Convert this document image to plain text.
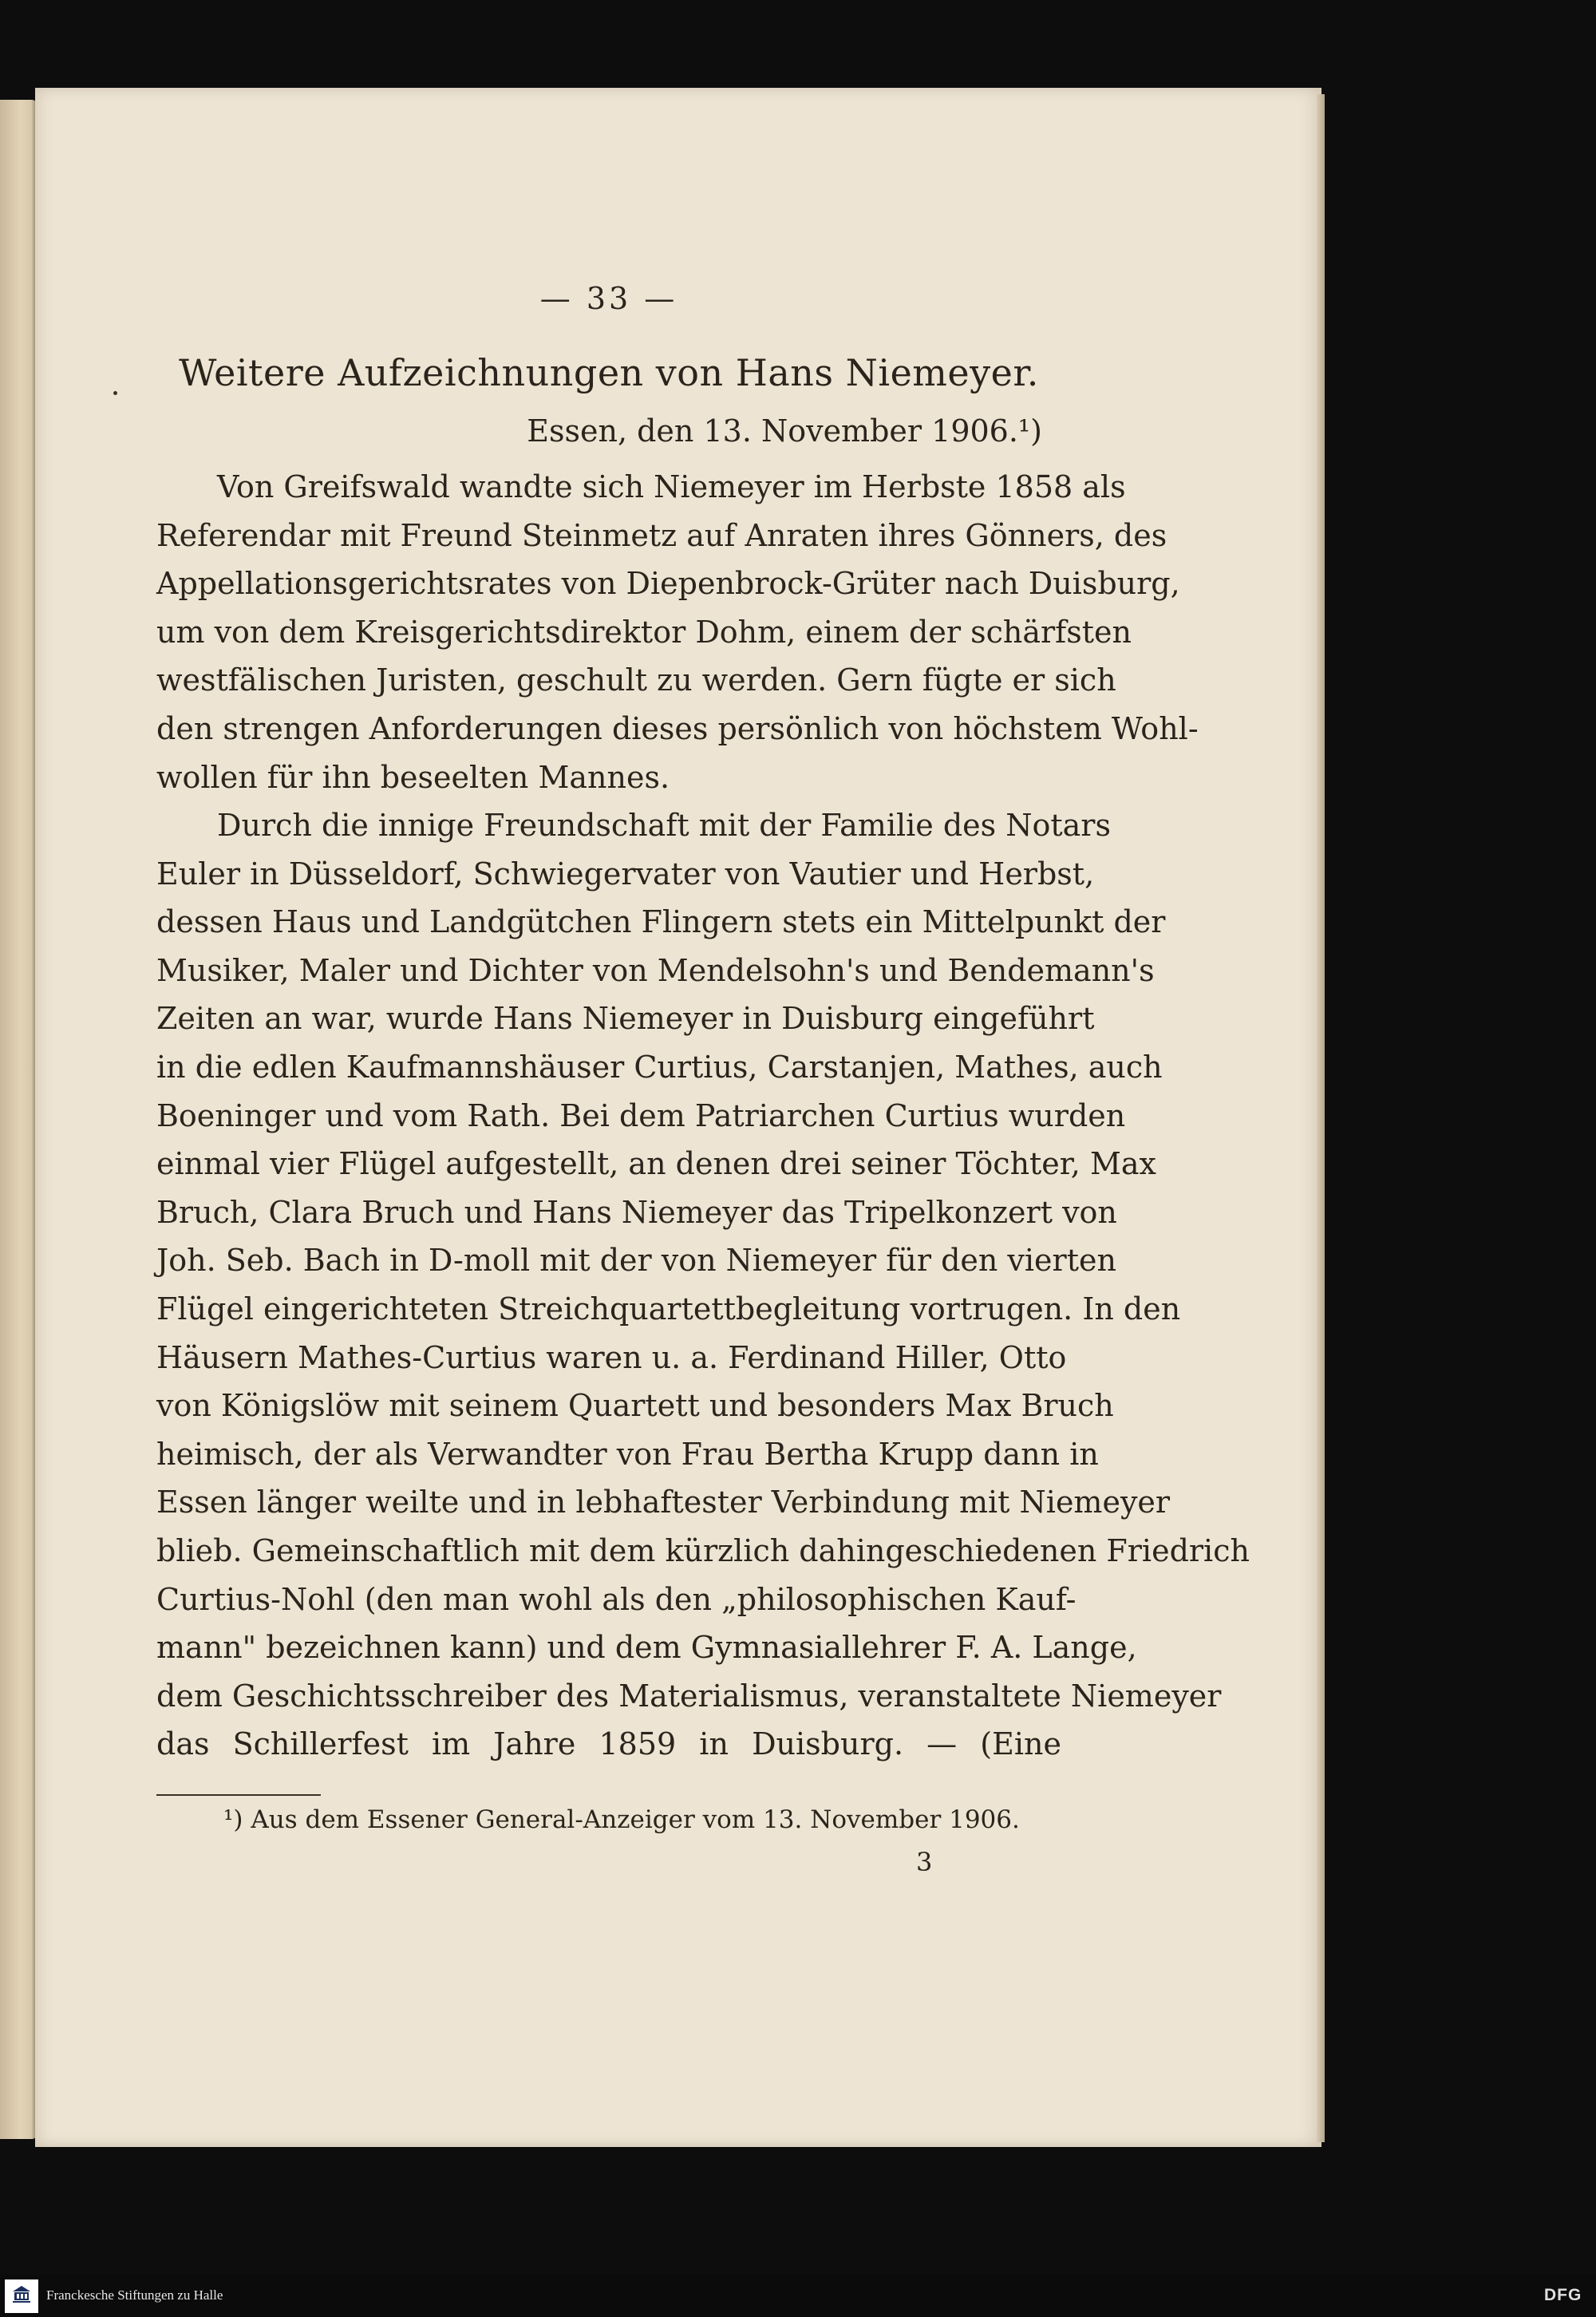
— 33 —
Weitere Aufzeichnungen von Hans Niemeyer.
Essen, den 13. November 1906.¹)
Von Greifswald wandte sich Niemeyer im Herbste 1858 als
Referendar mit Freund Steinmetz auf Anraten ihres Gönners, des
Appellationsgerichtsrates von Diepenbrock-Grüter nach Duisburg,
um von dem Kreisgerichtsdirektor Dohm, einem der schärfsten
westfälischen Juristen, geschult zu werden. Gern fügte er sich
den strengen Anforderungen dieses persönlich von höchstem Wohl-
wollen für ihn beseelten Mannes.
Durch die innige Freundschaft mit der Familie des Notars
Euler in Düsseldorf, Schwiegervater von Vautier und Herbst,
dessen Haus und Landgütchen Flingern stets ein Mittelpunkt der
Musiker, Maler und Dichter von Mendelsohn's und Bendemann's
Zeiten an war, wurde Hans Niemeyer in Duisburg eingeführt
in die edlen Kaufmannshäuser Curtius, Carstanjen, Mathes, auch
Boeninger und vom Rath. Bei dem Patriarchen Curtius wurden
einmal vier Flügel aufgestellt, an denen drei seiner Töchter, Max
Bruch, Clara Bruch und Hans Niemeyer das Tripelkonzert von
Joh. Seb. Bach in D-moll mit der von Niemeyer für den vierten
Flügel eingerichteten Streichquartettbegleitung vortrugen. In den
Häusern Mathes-Curtius waren u. a. Ferdinand Hiller, Otto
von Königslöw mit seinem Quartett und besonders Max Bruch
heimisch, der als Verwandter von Frau Bertha Krupp dann in
Essen länger weilte und in lebhaftester Verbindung mit Niemeyer
blieb. Gemeinschaftlich mit dem kürzlich dahingeschiedenen Friedrich
Curtius-Nohl (den man wohl als den „philosophischen Kauf-
mann" bezeichnen kann) und dem Gymnasiallehrer F. A. Lange,
dem Geschichtsschreiber des Materialismus, veranstaltete Niemeyer
das Schillerfest im Jahre 1859 in Duisburg. — (Eine
¹) Aus dem Essener General-Anzeiger vom 13. November 1906.
3
Franckesche Stiftungen zu Halle	DFG
